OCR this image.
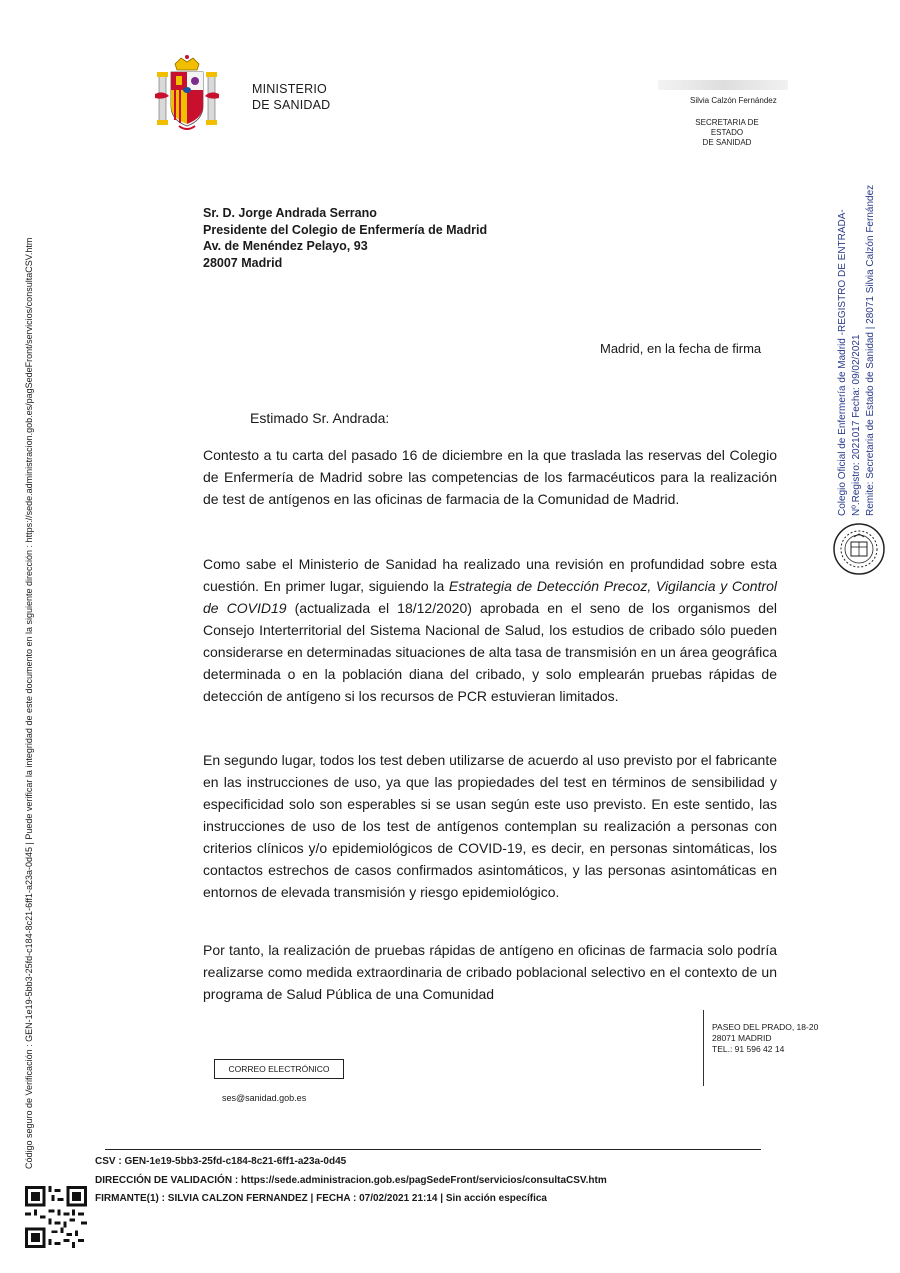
MINISTERIO
DE SANIDAD	Silvia Calzón Fernández
SECRETARIA DE ESTADO
DE SANIDAD
Sr. D. Jorge Andrada Serrano
Presidente del Colegio de Enfermería de Madrid
Av. de Menéndez Pelayo, 93
28007 Madrid
Madrid, en la fecha de firma
Estimado Sr. Andrada:

Contesto a tu carta del pasado 16 de diciembre en la que traslada las reservas del Colegio de Enfermería de Madrid sobre las competencias de los farmacéuticos para la realización de test de antígenos en las oficinas de farmacia de la Comunidad de Madrid.

Como sabe el Ministerio de Sanidad ha realizado una revisión en profundidad sobre esta cuestión. En primer lugar, siguiendo la Estrategia de Detección Precoz, Vigilancia y Control de COVID19 (actualizada el 18/12/2020) aprobada en el seno de los organismos del Consejo Interterritorial del Sistema Nacional de Salud, los estudios de cribado sólo pueden considerarse en determinadas situaciones de alta tasa de transmisión en un área geográfica determinada o en la población diana del cribado, y solo emplearán pruebas rápidas de detección de antígeno si los recursos de PCR estuvieran limitados.

En segundo lugar, todos los test deben utilizarse de acuerdo al uso previsto por el fabricante en las instrucciones de uso, ya que las propiedades del test en términos de sensibilidad y especificidad solo son esperables si se usan según este uso previsto. En este sentido, las instrucciones de uso de los test de antígenos contemplan su realización a personas con criterios clínicos y/o epidemiológicos de COVID-19, es decir, en personas sintomáticas, los contactos estrechos de casos confirmados asintomáticos, y las personas asintomáticas en entornos de elevada transmisión y riesgo epidemiológico.

Por tanto, la realización de pruebas rápidas de antígeno en oficinas de farmacia solo podría realizarse como medida extraordinaria de cribado poblacional selectivo en el contexto de un programa de Salud Pública de una Comunidad

PASEO DEL PRADO, 18-20
28071 MADRID
TEL.: 91 596 42 14
CORREO ELECTRÓNICO
ses@sanidad.gob.es
CSV : GEN-1e19-5bb3-25fd-c184-8c21-6ff1-a23a-0d45
DIRECCIÓN DE VALIDACIÓN : https://sede.administracion.gob.es/pagSedeFront/servicios/consultaCSV.htm
FIRMANTE(1) : SILVIA CALZON FERNANDEZ | FECHA : 07/02/2021 21:14 | Sin acción específica
Código seguro de Verificación : GEN-1e19-5bb3-25fd-c184-8c21-6ff1-a23a-0d45 | Puede verificar la integridad de este documento en la siguiente dirección : https://sede.administracion.gob.es/pagSedeFront/servicios/consultaCSV.htm	Colegio Oficial de Enfermería de Madrid -REGISTRO DE ENTRADA- Nº.Registro: 2021017 Fecha: 09/02/2021 Remite: Secretaria de Estado de Sanidad | 28071 Silvia Calzón Fernández
